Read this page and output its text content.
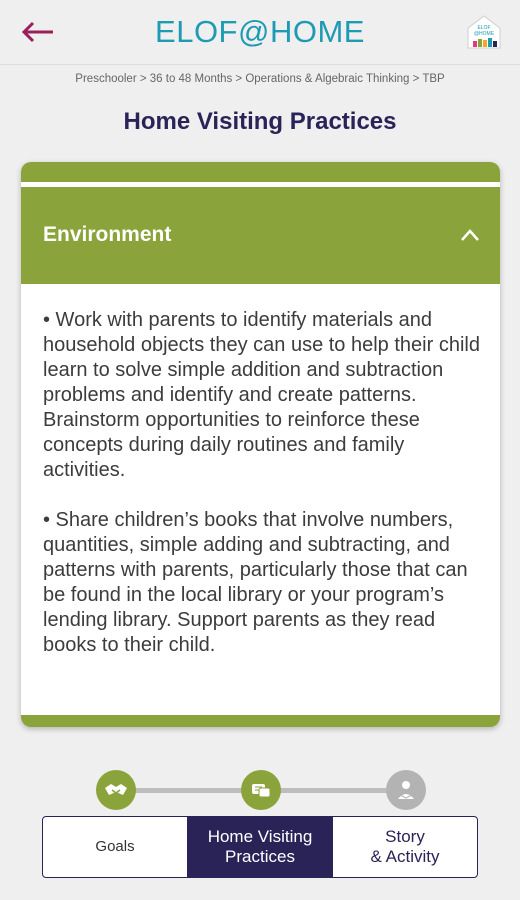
ELOF@HOME	ELOF
@HOME
Preschooler > 36 to 48 Months > Operations & Algebraic Thinking > TBP
Home Visiting Practices
Environment

• Work with parents to identify materials and household objects they can use to help their child learn to solve simple addition and subtraction problems and identify and create patterns. Brainstorm opportunities to reinforce these concepts during daily routines and family activities.

• Share children’s books that involve numbers, quantities, simple adding and subtracting, and patterns with parents, particularly those that can be found in the local library or your program’s lending library. Support parents as they read books to their child.

Goals
Home Visiting
Practices
Story
& Activity
